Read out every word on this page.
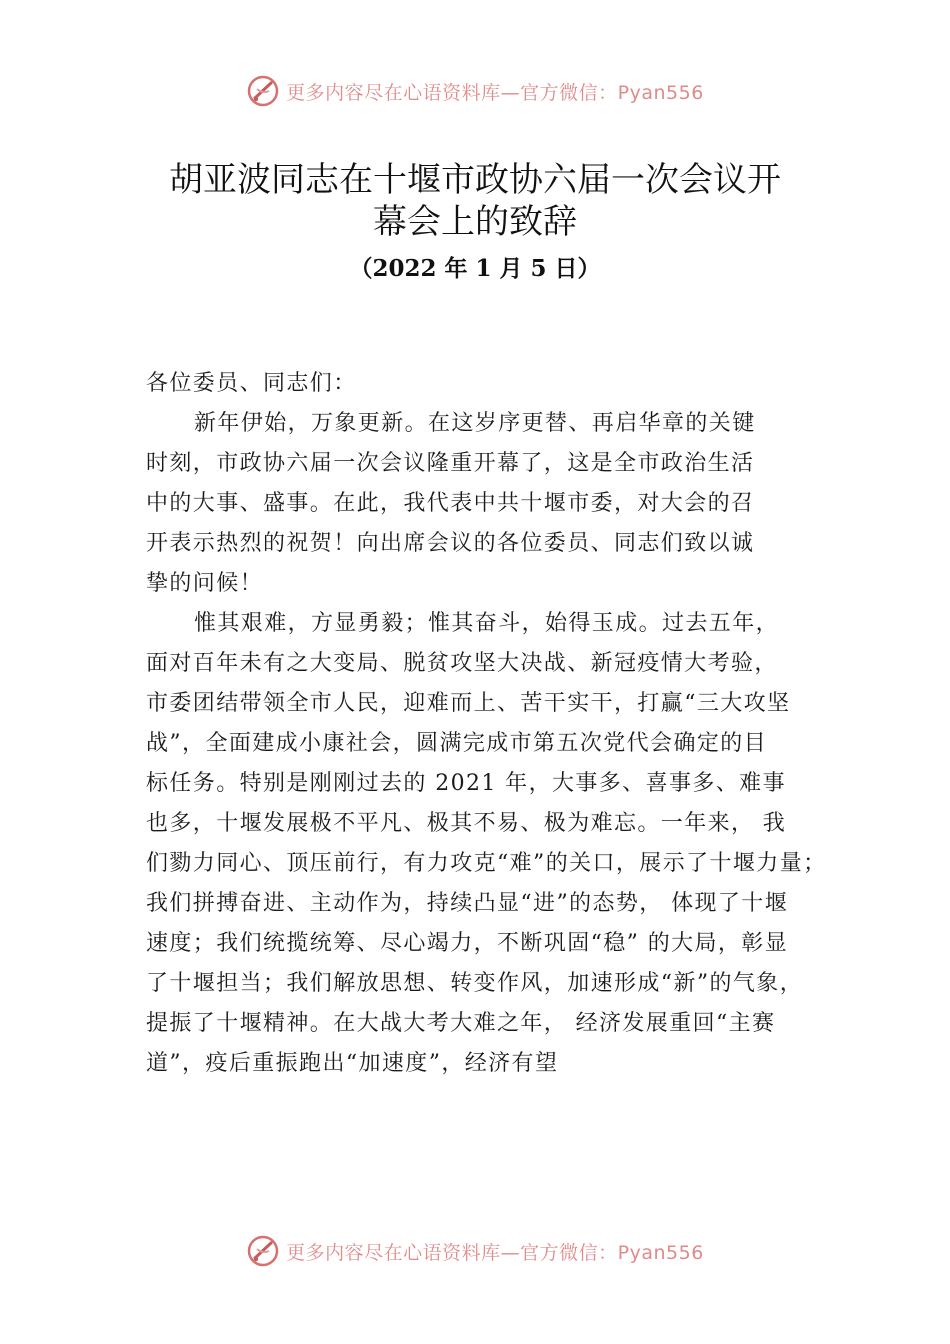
更多内容尽在心语资料库—官方微信：Pyan556
胡亚波同志在十堰市政协六届一次会议开
幕会上的致辞
（2022 年 1 月 5 日）
各位委员、同志们：
新年伊始，万象更新。在这岁序更替、再启华章的关键
时刻，市政协六届一次会议隆重开幕了，这是全市政治生活
中的大事、盛事。在此，我代表中共十堰市委，对大会的召
开表示热烈的祝贺！向出席会议的各位委员、同志们致以诚
挚的问候！
惟其艰难，方显勇毅；惟其奋斗，始得玉成。过去五年，
面对百年未有之大变局、脱贫攻坚大决战、新冠疫情大考验，
市委团结带领全市人民，迎难而上、苦干实干，打赢“三大攻坚
战”，全面建成小康社会，圆满完成市第五次党代会确定的目
标任务。特别是刚刚过去的 2021 年，大事多、喜事多、难事
也多，十堰发展极不平凡、极其不易、极为难忘。一年来， 我
们勠力同心、顶压前行，有力攻克“难”的关口，展示了十堰力量；
我们拼搏奋进、主动作为，持续凸显“进”的态势， 体现了十堰
速度；我们统揽统筹、尽心竭力，不断巩固“稳” 的大局，彰显
了十堰担当；我们解放思想、转变作风，加速形成“新”的气象，
提振了十堰精神。在大战大考大难之年， 经济发展重回“主赛
道”，疫后重振跑出“加速度”，经济有望
更多内容尽在心语资料库—官方微信：Pyan556
